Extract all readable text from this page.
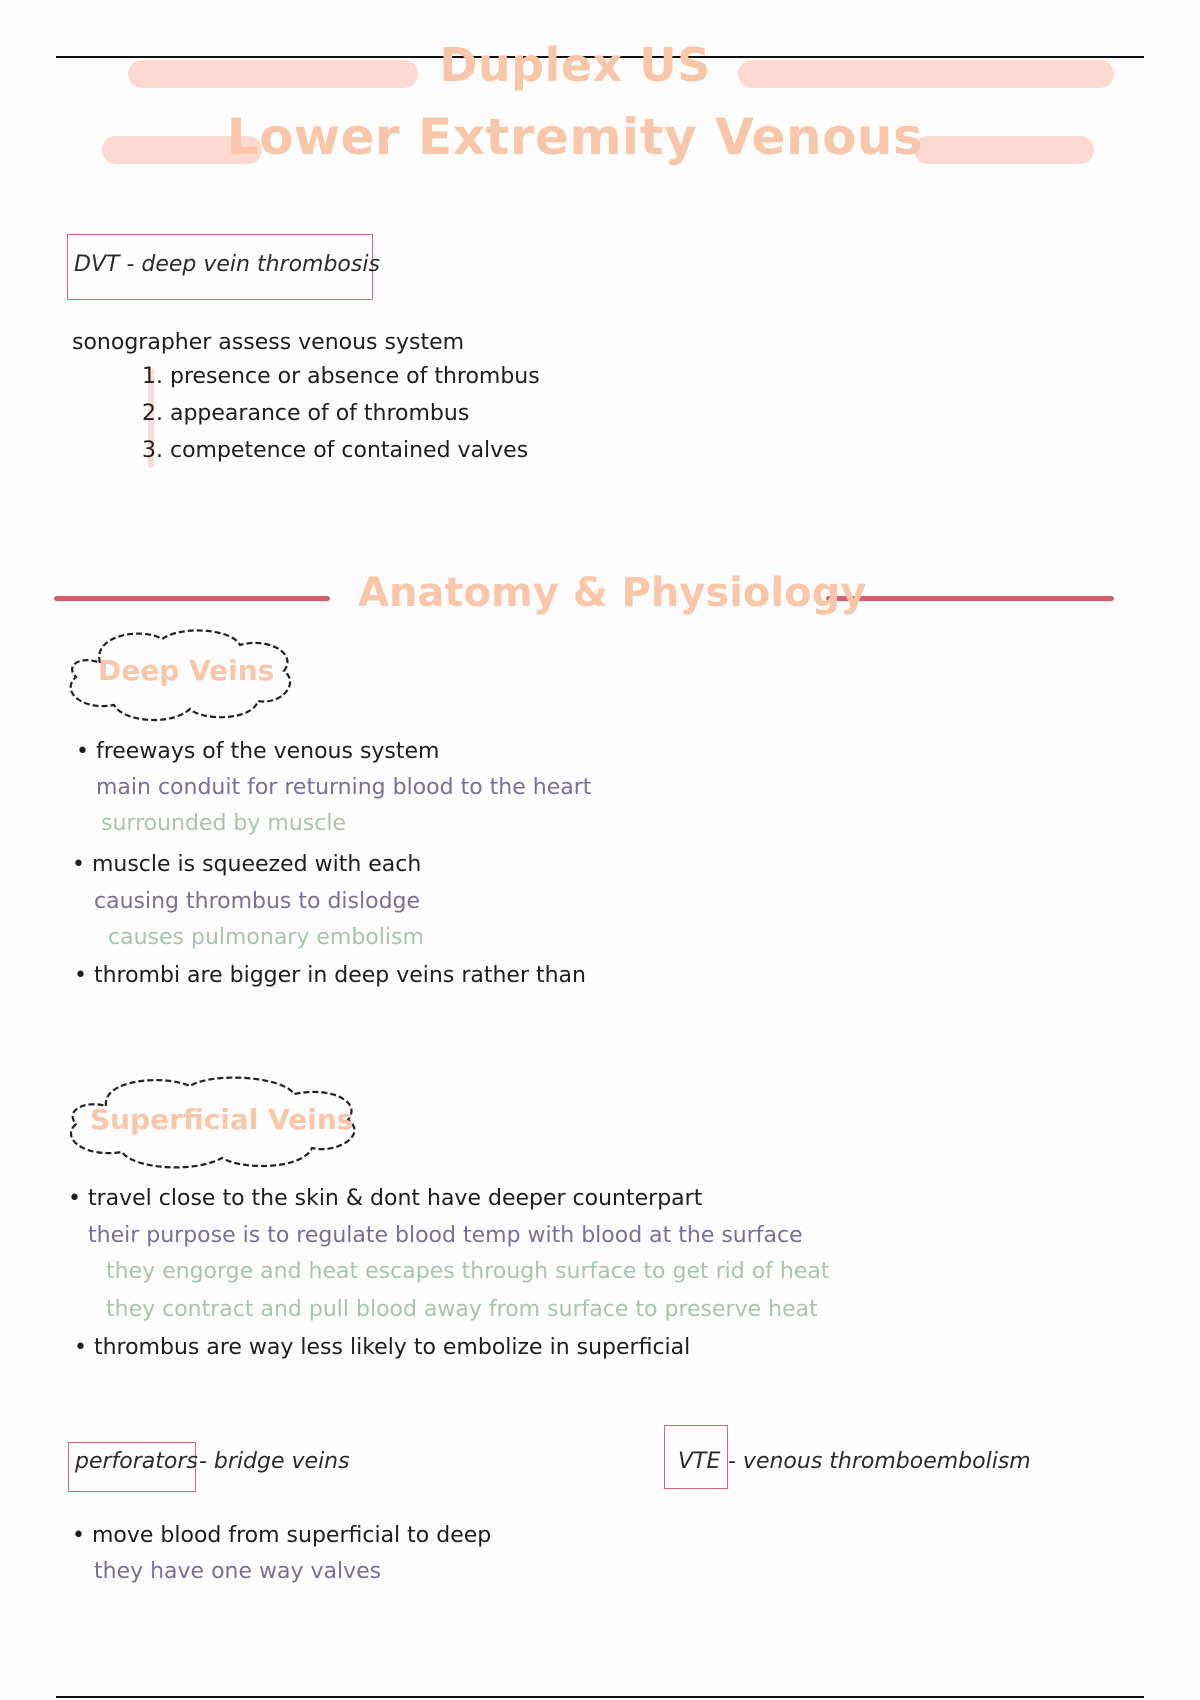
Duplex US
Lower Extremity Venous
DVT - deep vein thrombosis
sonographer assess venous system
1. presence or absence of thrombus
2. appearance of of thrombus
3. competence of contained valves
Anatomy & Physiology
Deep Veins
• freeways of the venous system
main conduit for returning blood to the heart
surrounded by muscle
• muscle is squeezed with each
causing thrombus to dislodge
causes pulmonary embolism
• thrombi are bigger in deep veins rather than
Superficial Veins
• travel close to the skin & dont have deeper counterpart
their purpose is to regulate blood temp with blood at the surface
they engorge and heat escapes through surface to get rid of heat
they contract and pull blood away from surface to preserve heat
• thrombus are way less likely to embolize in superficial
perforators - bridge veins
• move blood from superficial to deep
they have one way valves
VTE - venous thromboembolism
